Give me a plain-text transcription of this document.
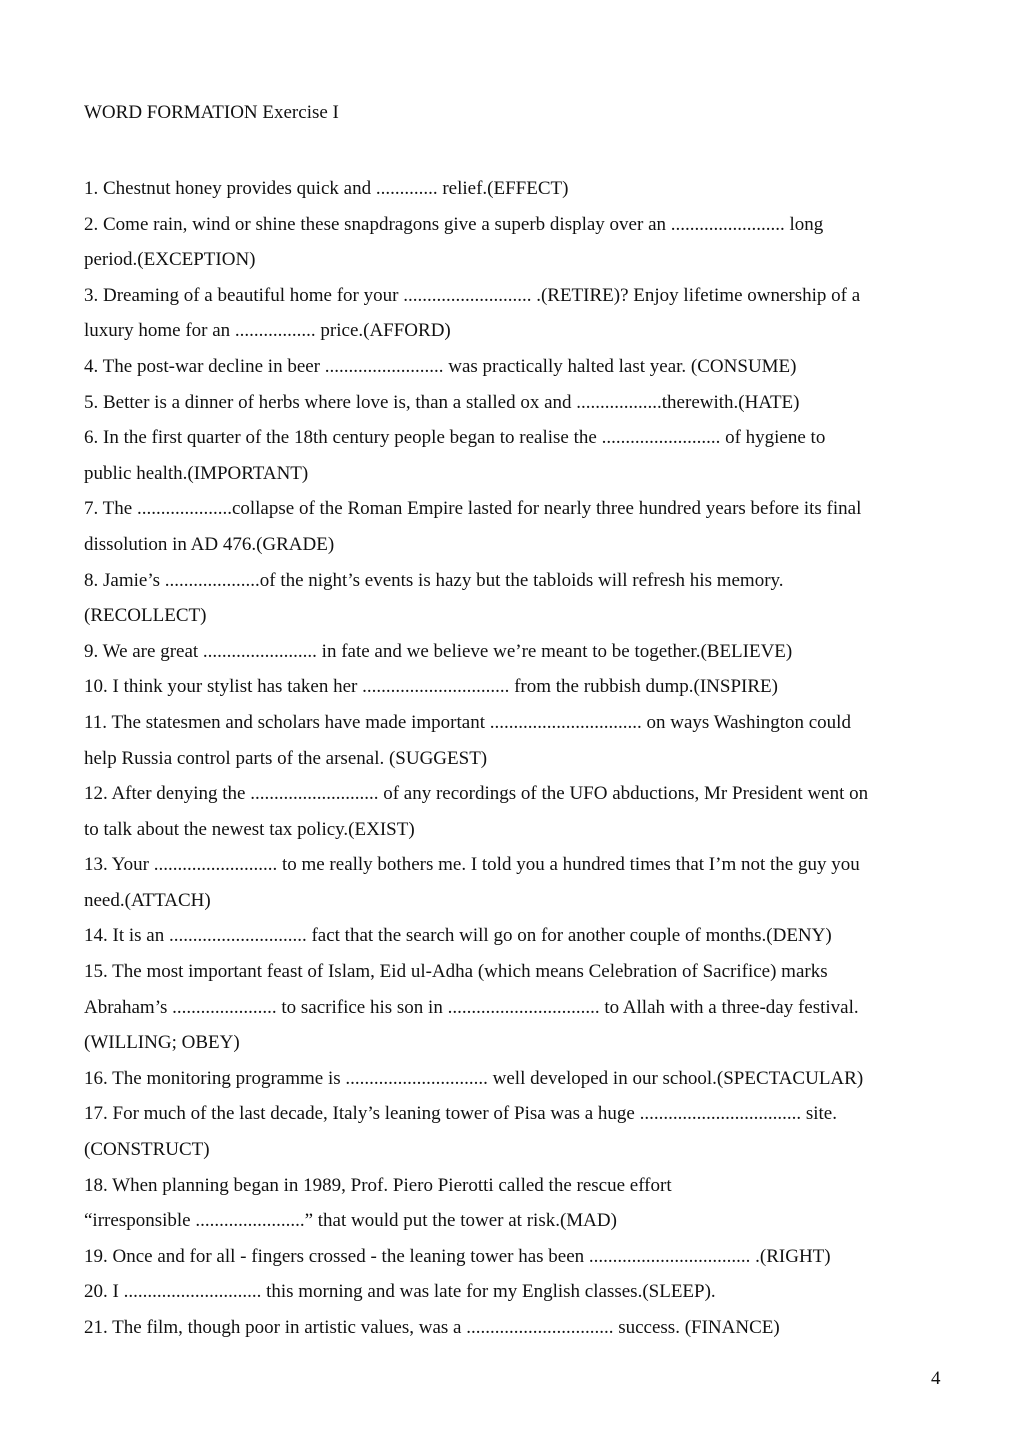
WORD FORMATION Exercise I
1. Chestnut honey provides quick and ............. relief.(EFFECT)
2. Come rain, wind or shine these snapdragons give a superb display over an ........................ long
period.(EXCEPTION)
3. Dreaming of a beautiful home for your ........................... .(RETIRE)? Enjoy lifetime ownership of a
luxury home for an ................. price.(AFFORD)
4. The post-war decline in beer ......................... was practically halted last year. (CONSUME)
5. Better is a dinner of herbs where love is, than a stalled ox and ..................therewith.(HATE)
6. In the first quarter of the 18th century people began to realise the ......................... of hygiene to
public health.(IMPORTANT)
7. The ....................collapse of the Roman Empire lasted for nearly three hundred years before its final
dissolution in AD 476.(GRADE)
8. Jamie’s ....................of the night’s events is hazy but the tabloids will refresh his memory.
(RECOLLECT)
9. We are great ........................ in fate and we believe we’re meant to be together.(BELIEVE)
10. I think your stylist has taken her ............................... from the rubbish dump.(INSPIRE)
11. The statesmen and scholars have made important ................................ on ways Washington could
help Russia control parts of the arsenal. (SUGGEST)
12. After denying the ........................... of any recordings of the UFO abductions, Mr President went on
to talk about the newest tax policy.(EXIST)
13. Your .......................... to me really bothers me. I told you a hundred times that I’m not the guy you
need.(ATTACH)
14. It is an ............................. fact that the search will go on for another couple of months.(DENY)
15. The most important feast of Islam, Eid ul-Adha (which means Celebration of Sacrifice) marks
Abraham’s ...................... to sacrifice his son in ................................ to Allah with a three-day festival.
(WILLING; OBEY)
16. The monitoring programme is .............................. well developed in our school.(SPECTACULAR)
17. For much of the last decade, Italy’s leaning tower of Pisa was a huge .................................. site.
(CONSTRUCT)
18. When planning began in 1989, Prof. Piero Pierotti called the rescue effort
“irresponsible .......................” that would put the tower at risk.(MAD)
19. Once and for all - fingers crossed - the leaning tower has been .................................. .(RIGHT)
20. I ............................. this morning and was late for my English classes.(SLEEP).
21. The film, though poor in artistic values, was a ............................... success. (FINANCE)
4
